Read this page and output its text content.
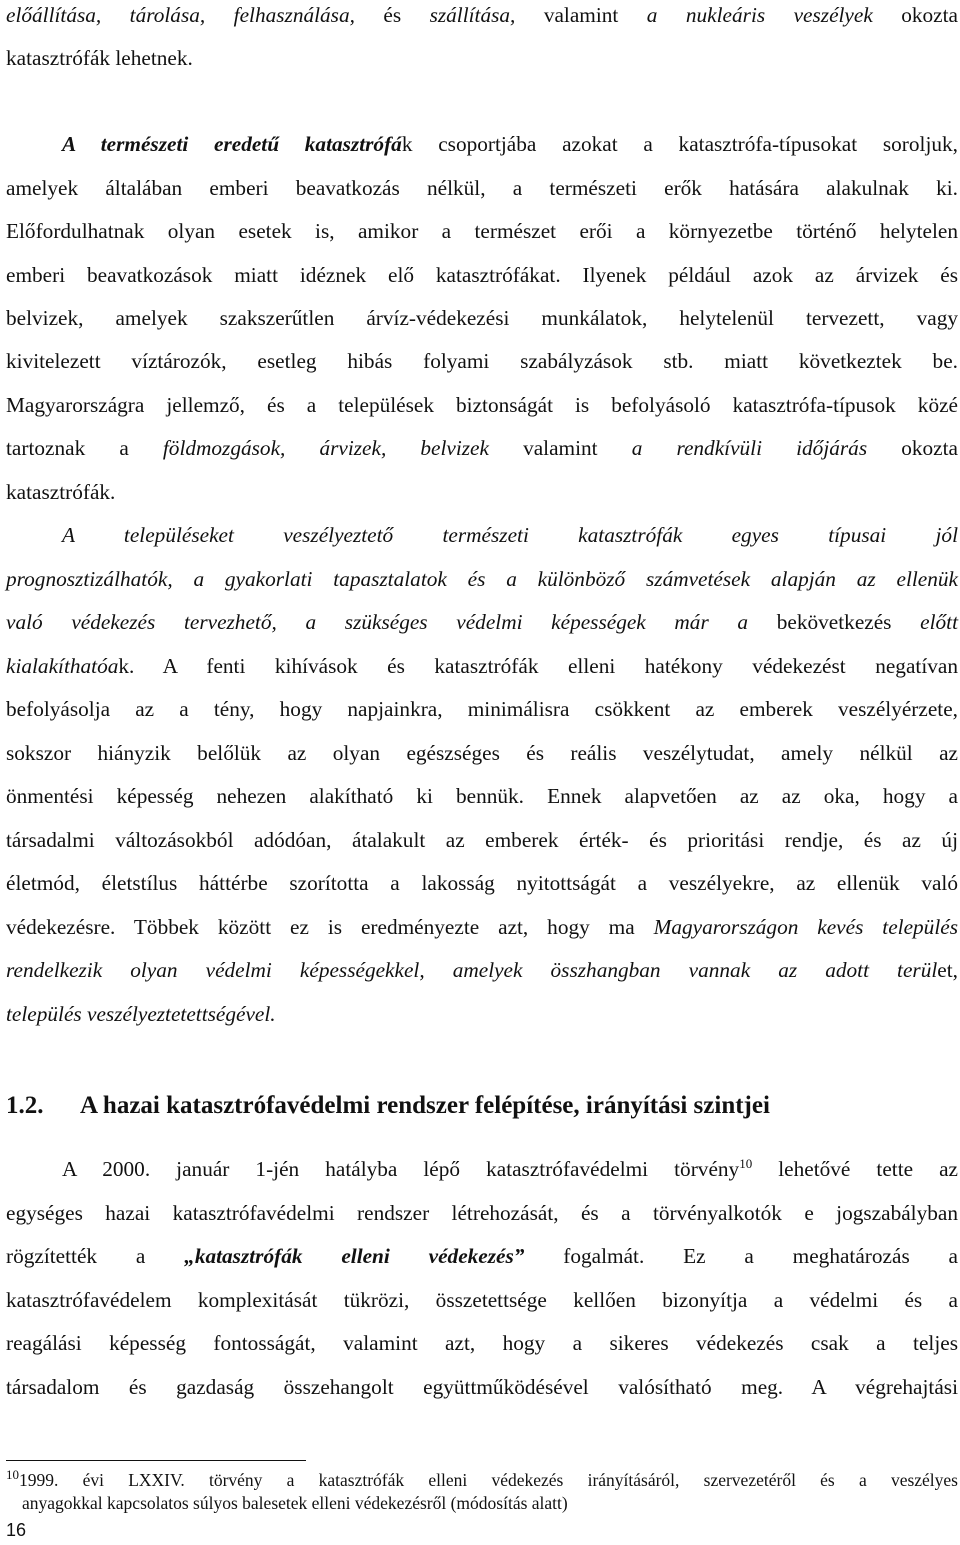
előállítása, tárolása, felhasználása, és szállítása, valamint a nukleáris veszélyek okozta
katasztrófák lehetnek.
A természeti eredetű katasztrófák csoportjába azokat a katasztrófa-típusokat soroljuk,
amelyek általában emberi beavatkozás nélkül, a természeti erők hatására alakulnak ki.
Előfordulhatnak olyan esetek is, amikor a természet erői a környezetbe történő helytelen
emberi beavatkozások miatt idéznek elő katasztrófákat. Ilyenek például azok az árvizek és
belvizek, amelyek szakszerűtlen árvíz-védekezési munkálatok, helytelenül tervezett, vagy
kivitelezett víztározók, esetleg hibás folyami szabályzások stb. miatt következtek be.
Magyarországra jellemző, és a települések biztonságát is befolyásoló katasztrófa-típusok közé
tartoznak a földmozgások, árvizek, belvizek valamint a rendkívüli időjárás okozta
katasztrófák.
A településeket veszélyeztető természeti katasztrófák egyes típusai jól
prognosztizálhatók, a gyakorlati tapasztalatok és a különböző számvetések alapján az ellenük
való védekezés tervezhető, a szükséges védelmi képességek már a bekövetkezés előtt
kialakíthatóak. A fenti kihívások és katasztrófák elleni hatékony védekezést negatívan
befolyásolja az a tény, hogy napjainkra, minimálisra csökkent az emberek veszélyérzete,
sokszor hiányzik belőlük az olyan egészséges és reális veszélytudat, amely nélkül az
önmentési képesség nehezen alakítható ki bennük. Ennek alapvetően az az oka, hogy a
társadalmi változásokból adódóan, átalakult az emberek érték- és prioritási rendje, és az új
életmód, életstílus háttérbe szorította a lakosság nyitottságát a veszélyekre, az ellenük való
védekezésre. Többek között ez is eredményezte azt, hogy ma Magyarországon kevés település
rendelkezik olyan védelmi képességekkel, amelyek összhangban vannak az adott terület,
település veszélyeztetettségével.
1.2. A hazai katasztrófavédelmi rendszer felépítése, irányítási szintjei
A 2000. január 1-jén hatályba lépő katasztrófavédelmi törvény$^{10}$ lehetővé tette az
egységes hazai katasztrófavédelmi rendszer létrehozását, és a törvényalkotók e jogszabályban
rögzítették a „katasztrófák elleni védekezés” fogalmát. Ez a meghatározás a
katasztrófavédelem komplexitását tükrözi, összetettsége kellően bizonyítja a védelmi és a
reagálási képesség fontosságát, valamint azt, hogy a sikeres védekezés csak a teljes
társadalom és gazdaság összehangolt együttműködésével valósítható meg. A végrehajtási
$^{10}$1999. évi LXXIV. törvény a katasztrófák elleni védekezés irányításáról, szervezetéről és a veszélyes
anyagokkal kapcsolatos súlyos balesetek elleni védekezésről (módosítás alatt)
16
